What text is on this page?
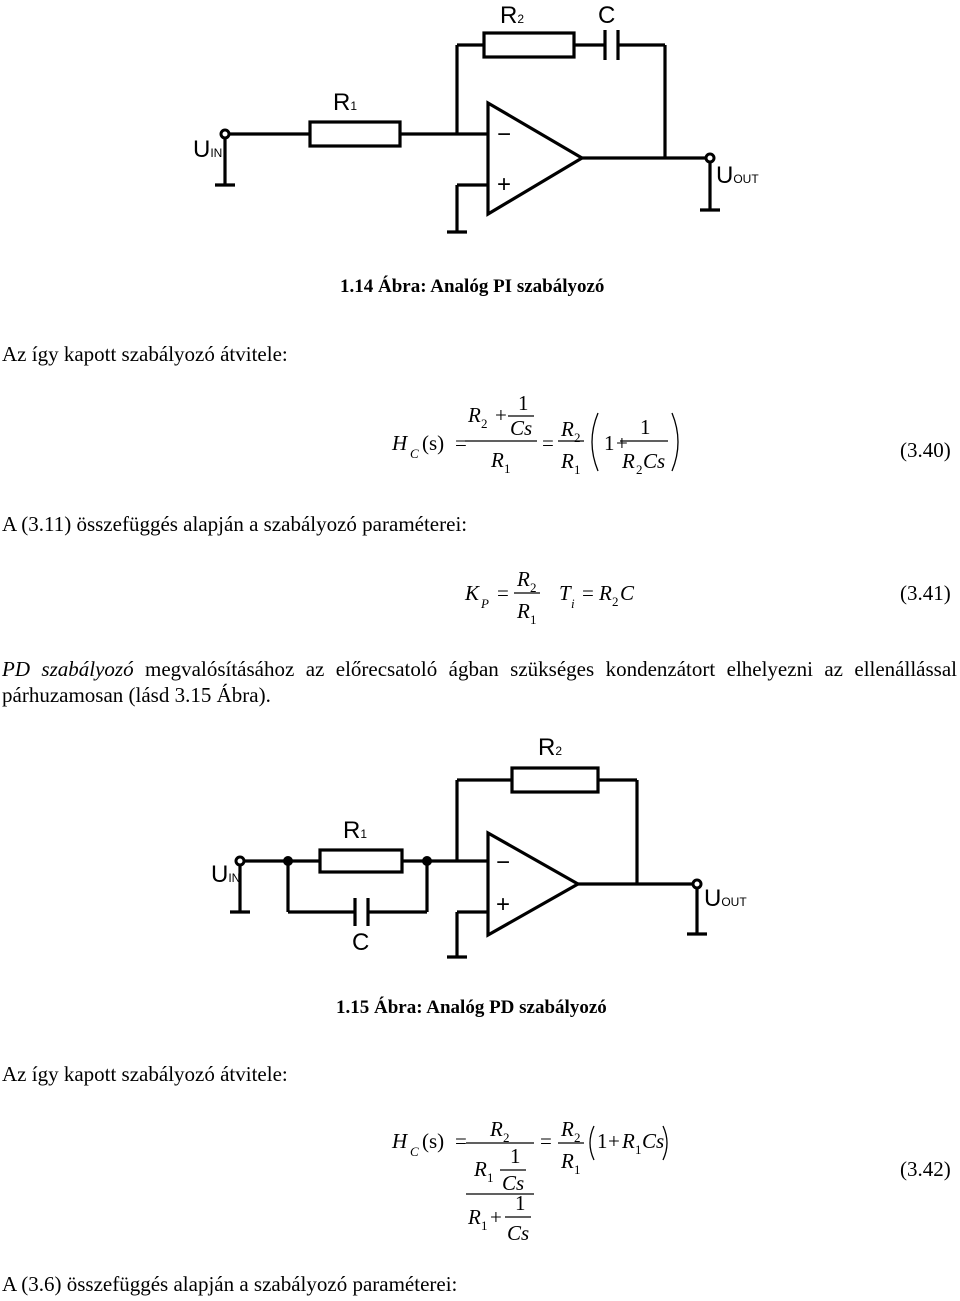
−
+
R2	C
R1
UIN
UOUT
1.14 Ábra: Analóg PI szabályozó
Az így kapott szabályozó átvitele:
H C (s) =
R 2 + 1
Cs
R 1
=
R 2
R 1
1 +
1
R 2 Cs	(3.40)
A (3.11) összefüggés alapján a szabályozó paraméterei:
K P =
R 2
R 1
T i = R 2 C	(3.41)
PD szabályozó megvalósításához az előrecsatoló ágban szükséges kondenzátort elhelyezni az ellenállással párhuzamosan (lásd 3.15 Ábra).
−
+
R2
R1
C
UIN
UOUT
1.15 Ábra: Analóg PD szabályozó
Az így kapott szabályozó átvitele:
H C (s) = R 2
R 1
1
Cs
R 1 +
1
Cs
= R 2
R 1
1 + R 1 Cs
(3.42)
A (3.6) összefüggés alapján a szabályozó paraméterei:
